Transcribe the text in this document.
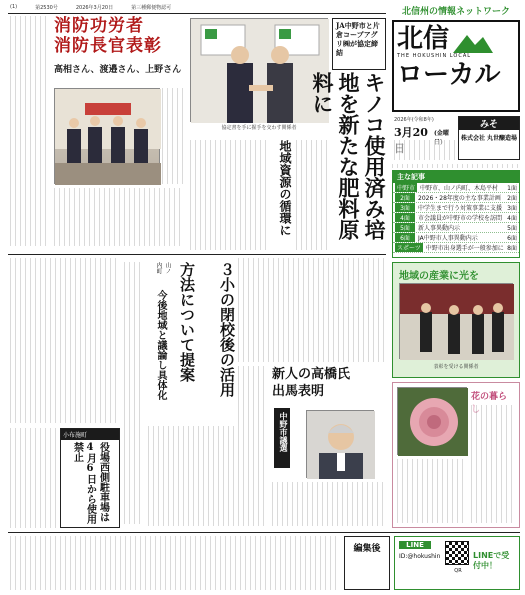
(1)	第2530号	2026年3月20日	第三種郵便物認可
消防功労者
消防長官表彰
高相さん、渡邉さん、上野さん
協定書を手に握手を交わす関係者
JA中野市と片倉コープアグリ㈱が協定締結
キノコ使用済み培地を新たな肥料原料に
地域資源の循環に
小布施町
役場西側駐車場は4月6日から使用禁止
３小の閉校後の活用
方法について提案
山ノ内町
今後地域と議論し具体化	新人の高橋氏
出馬表明
中野市議選
北信州の情報ネットワーク
北信
THE HOKUSHIN LOCAL
ローカル
2026年(令和8年)
3月20	(金曜
みそ
株式会社 丸世醸造場
主な記事
中野市 中野市、山ノ内町、木島平村	1面
2面	2026・28年度の主な事業計画	2面
3面	中学生まで行う対策事業に支援 3面
4面	市会議員が中野市の学校を訪問 4面
5面	新人事異動内示	5面
6面	JA中野市人事異動内示	6面
スポーツ 中野市出身選手が一般参加に 8面
地域の産業に光を
表彰を受ける関係者
花の暮ら
編集後	LINE
ID:@hokushin
QR
LINEで受付中！
